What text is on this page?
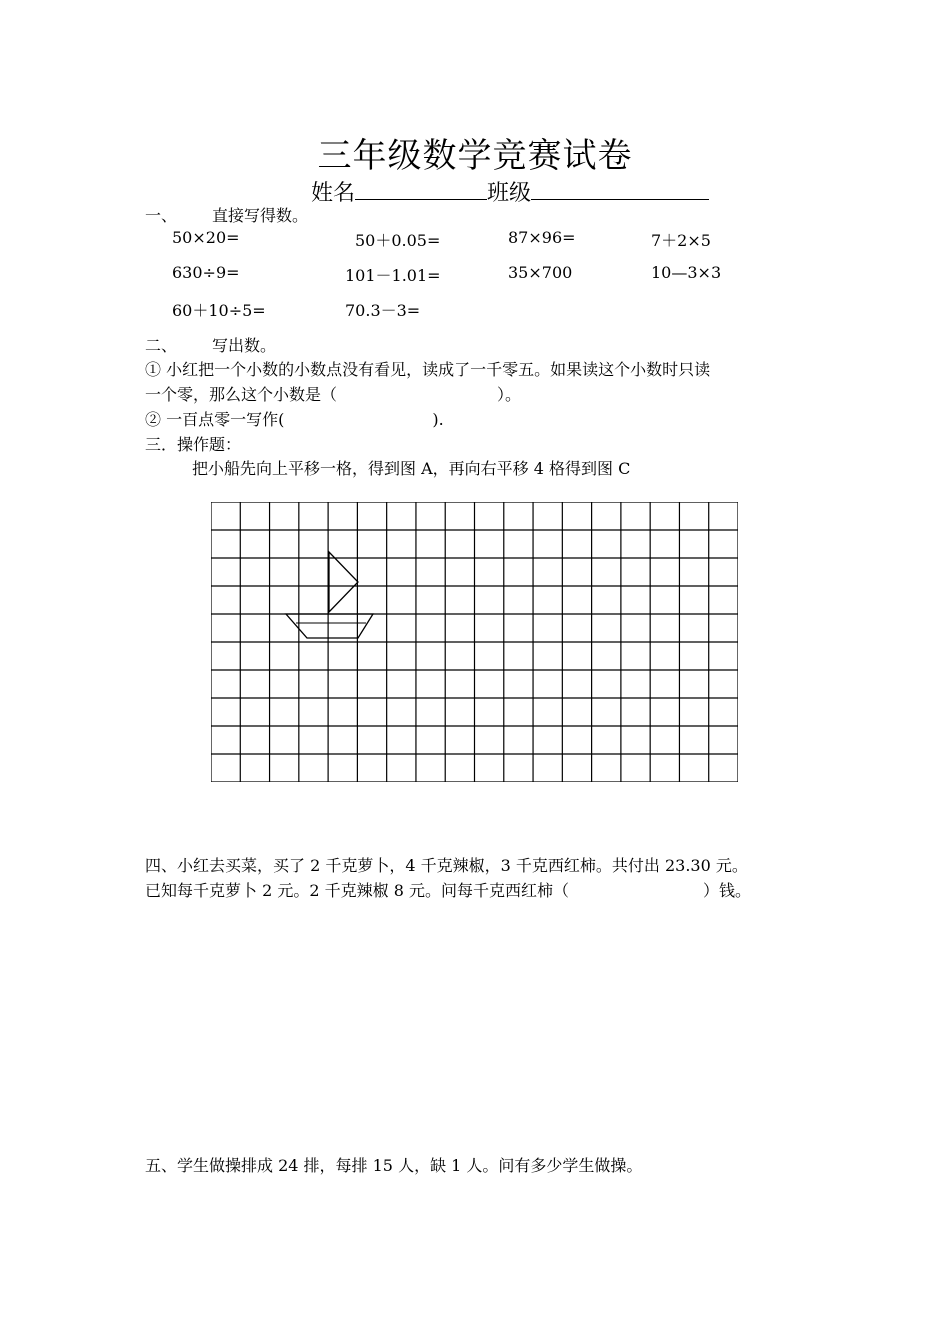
三年级数学竞赛试卷
姓名	班级
一、 直接写得数。
50×20=	50＋0.05=	87×96=	7＋2×5
630÷9=	101－1.01=	35×700	10—3×3
60＋10÷5=	70.3－3=
二、 写出数。
① 小红把一个小数的小数点没有看见，读成了一千零五。如果读这个小数时只读
一个零，那么这个小数是（	）。
② 一百点零一写作(	).
三．操作题：
把小船先向上平移一格，得到图 A，再向右平移 4 格得到图 C
四、小红去买菜，买了 2 千克萝卜，4 千克辣椒，3 千克西红柿。共付出 23.30 元。
已知每千克萝卜 2 元。2 千克辣椒 8 元。问每千克西红柿（	）钱。
五、学生做操排成 24 排，每排 15 人，缺 1 人。问有多少学生做操。
